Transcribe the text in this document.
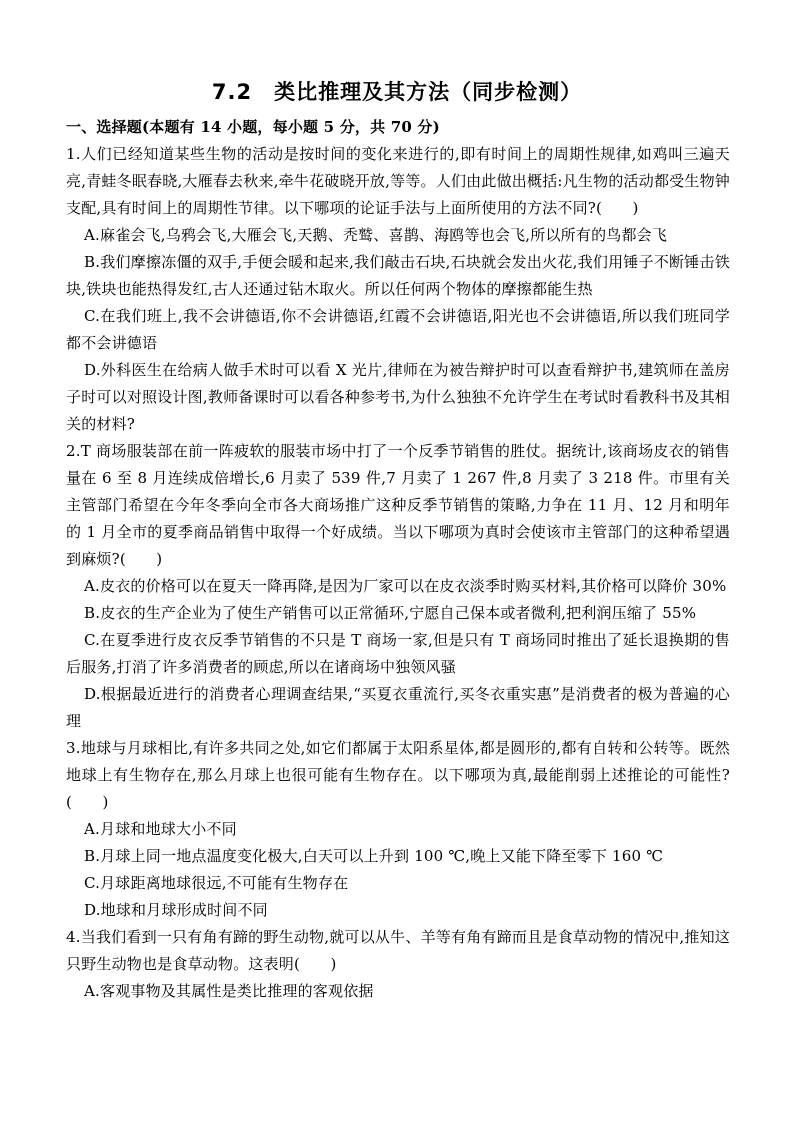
7.2　类比推理及其方法（同步检测）

一、选择题(本题有 14 小题，每小题 5 分，共 70 分)

1.人们已经知道某些生物的活动是按时间的变化来进行的,即有时间上的周期性规律,如鸡叫三遍天亮,青蛙冬眠春晓,大雁春去秋来,牵牛花破晓开放,等等。人们由此做出概括:凡生物的活动都受生物钟支配,具有时间上的周期性节律。以下哪项的论证手法与上面所使用的方法不同?(　　)

A.麻雀会飞,乌鸦会飞,大雁会飞,天鹅、秃鹫、喜鹊、海鸥等也会飞,所以所有的鸟都会飞

B.我们摩擦冻僵的双手,手便会暖和起来,我们敲击石块,石块就会发出火花,我们用锤子不断锤击铁块,铁块也能热得发红,古人还通过钻木取火。所以任何两个物体的摩擦都能生热

C.在我们班上,我不会讲德语,你不会讲德语,红霞不会讲德语,阳光也不会讲德语,所以我们班同学都不会讲德语

D.外科医生在给病人做手术时可以看 X 光片,律师在为被告辩护时可以查看辩护书,建筑师在盖房子时可以对照设计图,教师备课时可以看各种参考书,为什么独独不允许学生在考试时看教科书及其相关的材料?

2.T 商场服装部在前一阵疲软的服装市场中打了一个反季节销售的胜仗。据统计,该商场皮衣的销售量在 6 至 8 月连续成倍增长,6 月卖了 539 件,7 月卖了 1 267 件,8 月卖了 3 218 件。市里有关主管部门希望在今年冬季向全市各大商场推广这种反季节销售的策略,力争在 11 月、12 月和明年的 1 月全市的夏季商品销售中取得一个好成绩。当以下哪项为真时会使该市主管部门的这种希望遇到麻烦?(　　)

A.皮衣的价格可以在夏天一降再降,是因为厂家可以在皮衣淡季时购买材料,其价格可以降价 30%

B.皮衣的生产企业为了使生产销售可以正常循环,宁愿自己保本或者微利,把利润压缩了 55%

C.在夏季进行皮衣反季节销售的不只是 T 商场一家,但是只有 T 商场同时推出了延长退换期的售后服务,打消了许多消费者的顾虑,所以在诸商场中独领风骚

D.根据最近进行的消费者心理调查结果,“买夏衣重流行,买冬衣重实惠”是消费者的极为普遍的心理

3.地球与月球相比,有许多共同之处,如它们都属于太阳系星体,都是圆形的,都有自转和公转等。既然地球上有生物存在,那么月球上也很可能有生物存在。以下哪项为真,最能削弱上述推论的可能性?(　　)

A.月球和地球大小不同

B.月球上同一地点温度变化极大,白天可以上升到 100 ℃,晚上又能下降至零下 160 ℃

C.月球距离地球很远,不可能有生物存在

D.地球和月球形成时间不同

4.当我们看到一只有角有蹄的野生动物,就可以从牛、羊等有角有蹄而且是食草动物的情况中,推知这只野生动物也是食草动物。这表明(　　)

A.客观事物及其属性是类比推理的客观依据
